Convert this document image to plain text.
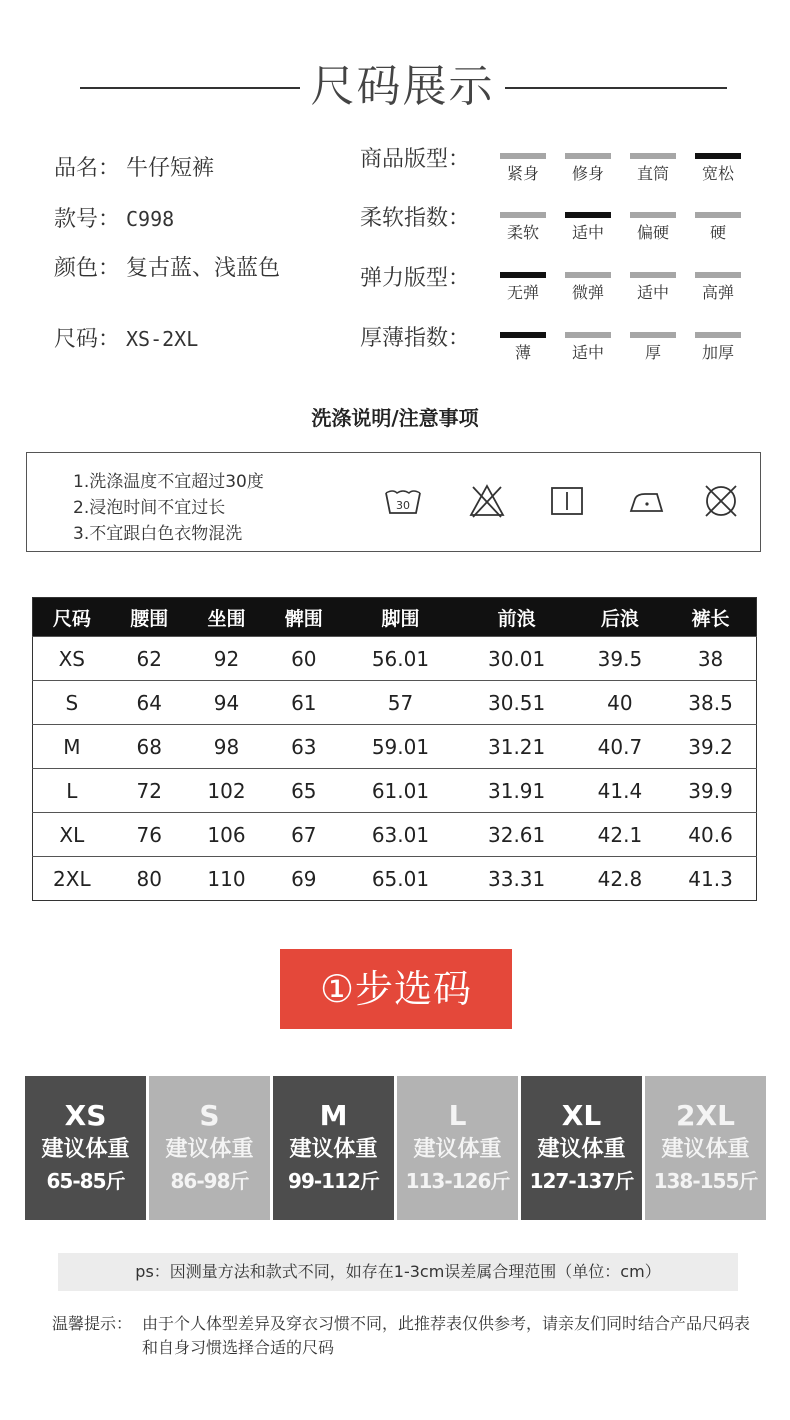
尺码展示
品名： 牛仔短裤
款号： C998
颜色： 复古蓝、浅蓝色
尺码： XS-2XL
商品版型：
紧身	修身	直筒	宽松
柔软指数：
柔软	适中	偏硬	硬
弹力版型：
无弹	微弹	适中	高弹
厚薄指数：
薄	适中	厚	加厚
洗涤说明/注意事项
1.洗涤温度不宜超过30度
2.浸泡时间不宜过长
3.不宜跟白色衣物混洗
30
尺码	腰围	坐围	髀围	脚围	前浪	后浪	裤长
XS	62	92	60	56.01	30.01	39.5	38
S	64	94	61	57	30.51	40	38.5
M	68	98	63	59.01	31.21	40.7	39.2
L	72	102	65	61.01	31.91	41.4	39.9
XL	76	106	67	63.01	32.61	42.1	40.6
2XL	80	110	69	65.01	33.31	42.8	41.3
①步选码
XS
建议体重
65-85斤
S
建议体重
86-98斤
M
建议体重
99-112斤
L
建议体重
113-126斤
XL
建议体重
127-137斤
2XL
建议体重
138-155斤
ps：因测量方法和款式不同，如存在1-3cm误差属合理范围（单位：cm）
温馨提示： 由于个人体型差异及穿衣习惯不同，此推荐表仅供参考，请亲友们同时结合产品尺码表和自身习惯选择合适的尺码
